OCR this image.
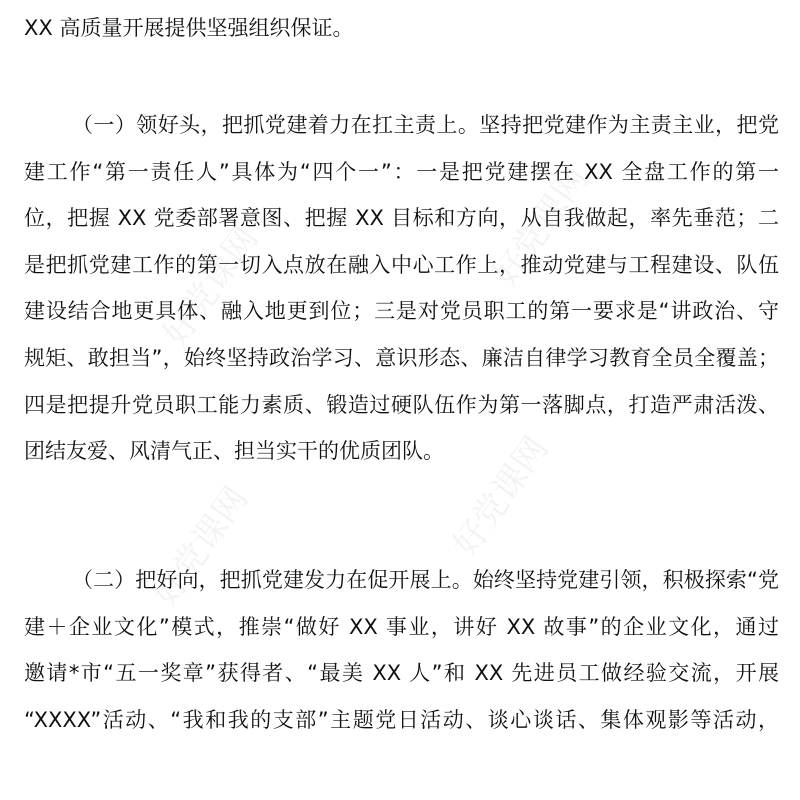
好党课网
好党课网
好党课网
好党课网
XX 高质量开展提供坚强组织保证。
（一）领好头，把抓党建着力在扛主责上。坚持把党建作为主责主业，把党
建工作“第一责任人”具体为“四个一”：一是把党建摆在 XX 全盘工作的第一
位，把握 XX 党委部署意图、把握 XX 目标和方向，从自我做起，率先垂范；二
是把抓党建工作的第一切入点放在融入中心工作上，推动党建与工程建设、队伍
建设结合地更具体、融入地更到位；三是对党员职工的第一要求是“讲政治、守
规矩、敢担当”，始终坚持政治学习、意识形态、廉洁自律学习教育全员全覆盖；
四是把提升党员职工能力素质、锻造过硬队伍作为第一落脚点，打造严肃活泼、
团结友爱、风清气正、担当实干的优质团队。
（二）把好向，把抓党建发力在促开展上。始终坚持党建引领，积极探索“党
建＋企业文化”模式，推崇“做好 XX 事业，讲好 XX 故事”的企业文化，通过
邀请*市“五一奖章”获得者、“最美 XX 人”和 XX 先进员工做经验交流，开展
“XXXX”活动、“我和我的支部”主题党日活动、谈心谈话、集体观影等活动，
